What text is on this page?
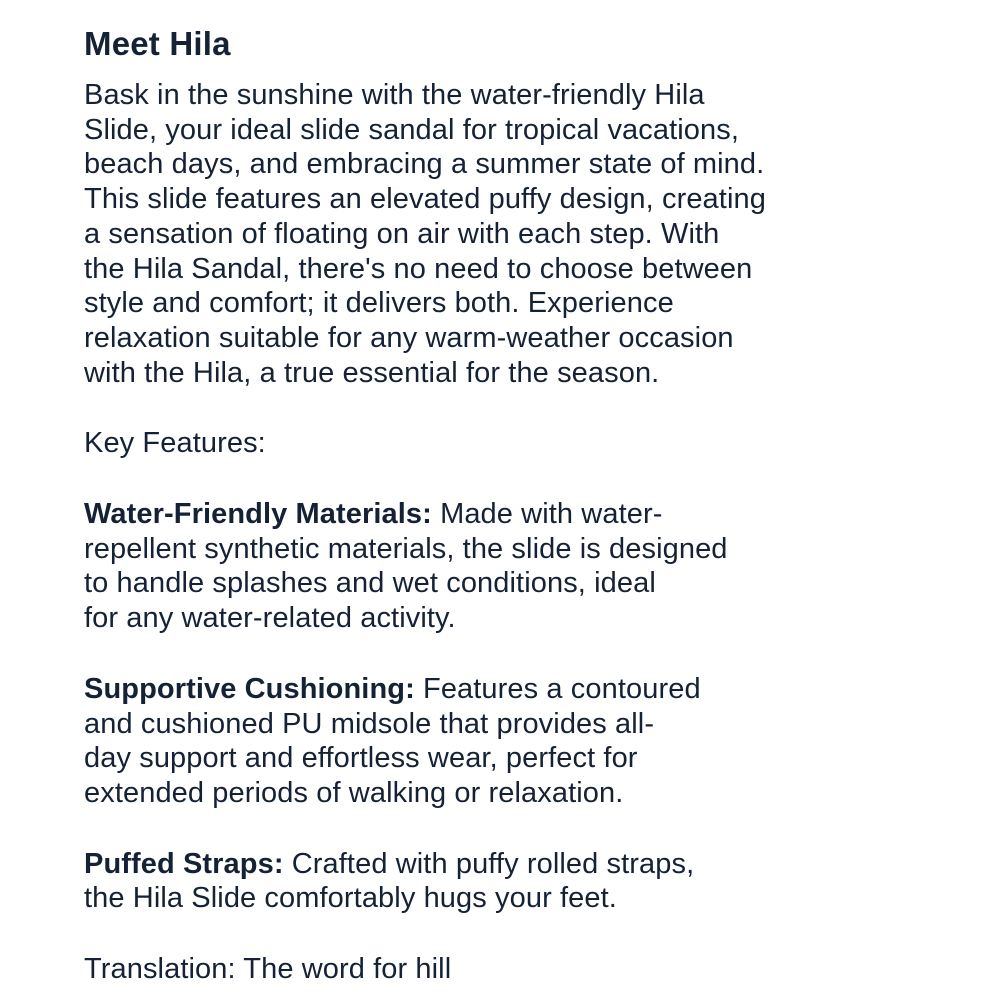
Meet Hila

Bask in the sunshine with the water-friendly Hila
Slide, your ideal slide sandal for tropical vacations,
beach days, and embracing a summer state of mind.
This slide features an elevated puffy design, creating
a sensation of floating on air with each step. With
the Hila Sandal, there's no need to choose between
style and comfort; it delivers both. Experience
relaxation suitable for any warm-weather occasion
with the Hila, a true essential for the season.

Key Features:

Water-Friendly Materials: Made with water-
repellent synthetic materials, the slide is designed
to handle splashes and wet conditions, ideal
for any water-related activity.

Supportive Cushioning: Features a contoured
and cushioned PU midsole that provides all-
day support and effortless wear, perfect for
extended periods of walking or relaxation.

Puffed Straps: Crafted with puffy rolled straps,
the Hila Slide comfortably hugs your feet.

Translation: The word for hill
